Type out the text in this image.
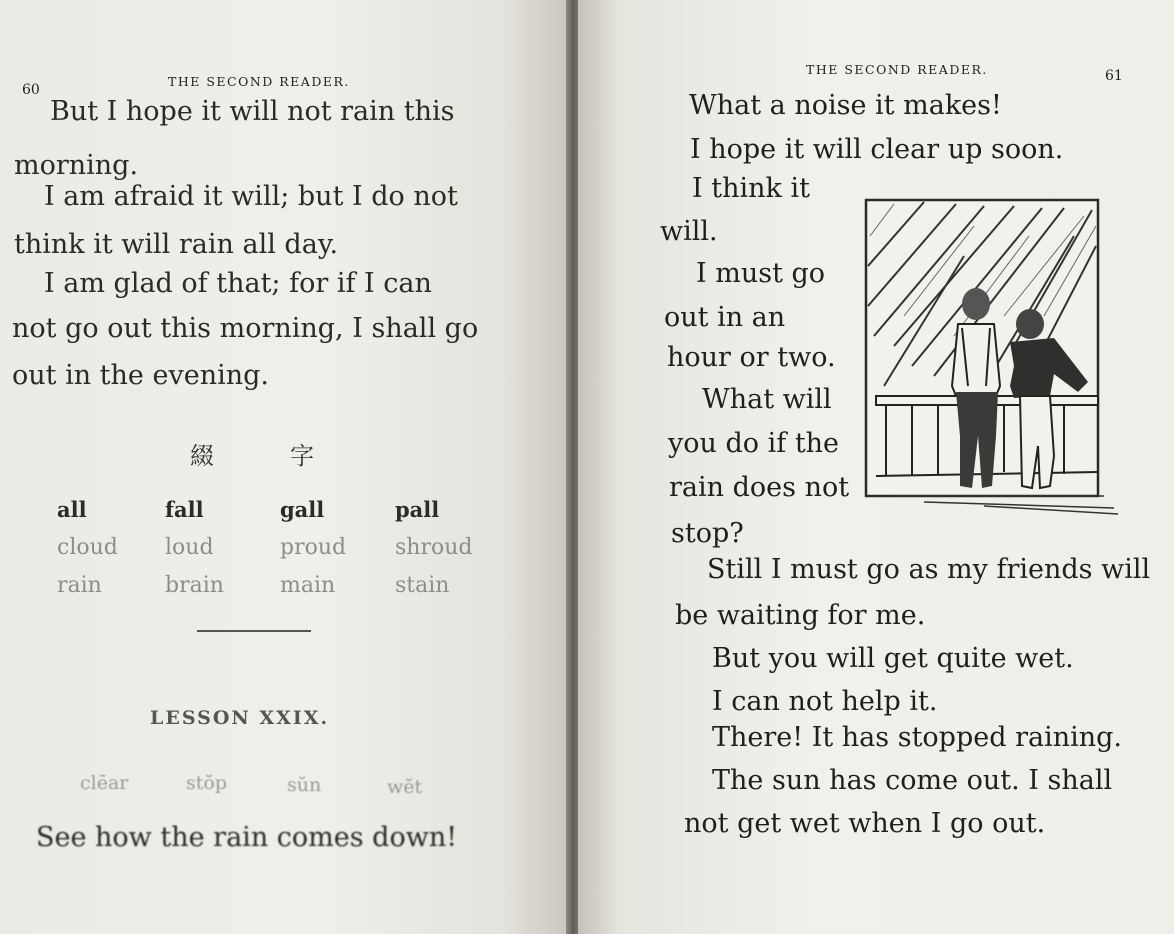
60
THE SECOND READER.
But I hope it will not rain this
morning.
I am afraid it will; but I do not
think it will rain all day.
I am glad of that; for if I can
not go out this morning, I shall go
out in the evening.
綴	字
all	fall	gall	pall
cloud	loud	proud	shroud
rain	brain	main	stain
LESSON XXIX.
clēar	stŏp	sŭn	wĕt
See how the rain comes down!
THE SECOND READER.	61
What a noise it makes!
I hope it will clear up soon.
I think it
will.
I must go
out in an
hour or two.
What will
you do if the
rain does not
stop?
Still I must go as my friends will
be waiting for me.
But you will get quite wet.
I can not help it.
There! It has stopped raining.
The sun has come out. I shall
not get wet when I go out.
